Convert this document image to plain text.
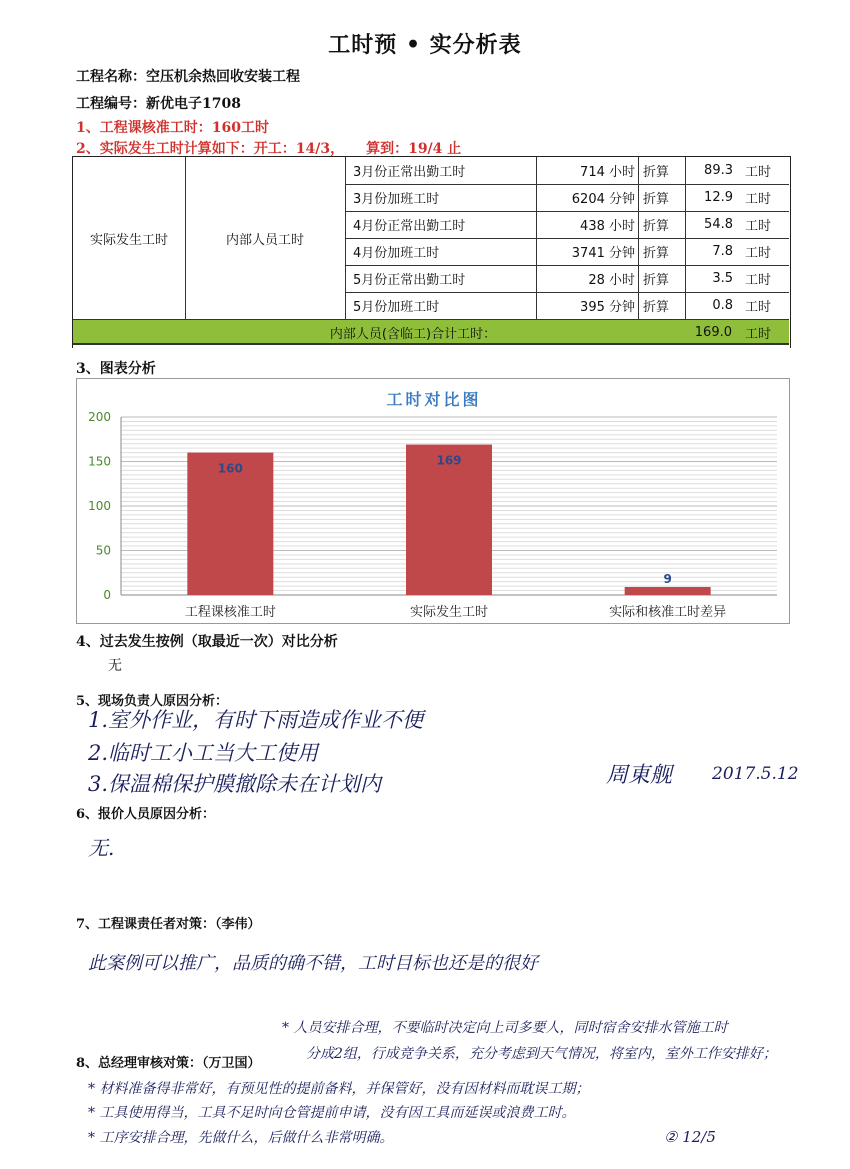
工时预 • 实分析表
工程名称：空压机余热回收安装工程
工程编号：新优电子1708
1、工程课核准工时：160工时
2、实际发生工时计算如下：开工：14/3， 算到：19/4 止
实际发生工时	内部人员工时
3月份正常出勤工时	714 小时 折算	89.3 工时
3月份加班工时	6204 分钟 折算	12.9 工时
4月份正常出勤工时	438 小时 折算	54.8 工时
4月份加班工时	3741 分钟 折算	7.8 工时
5月份正常出勤工时	28 小时 折算	3.5 工时
5月份加班工时	395 分钟 折算	0.8 工时
内部人员(含临工)合计工时：	169.0 工时
3、图表分析
工时对比图
0
50
100
150
200
160
工程课核准工时
169
实际发生工时
9
实际和核准工时差异
4、过去发生按例（取最近一次）对比分析
无
5、现场负责人原因分析：
1.室外作业，有时下雨造成作业不便
2.临时工小工当大工使用
3.保温棉保护膜撤除未在计划内	周東舰 2017.5.12
6、报价人员原因分析：
无.
7、工程课责任者对策：（李伟）
此案例可以推广，品质的确不错，工时目标也还是的很好
8、总经理审核对策：（万卫国）
* 人员安排合理，不要临时决定向上司多要人，同时宿舍安排水管施工时
分成2组，行成竞争关系，充分考虑到天气情况，将室内，室外工作安排好；
* 材料准备得非常好，有预见性的提前备料，并保管好，没有因材料而耽误工期；
* 工具使用得当，工具不足时向仓管提前申请，没有因工具而延误或浪费工时。
* 工序安排合理，先做什么，后做什么非常明确。	② 12/5
